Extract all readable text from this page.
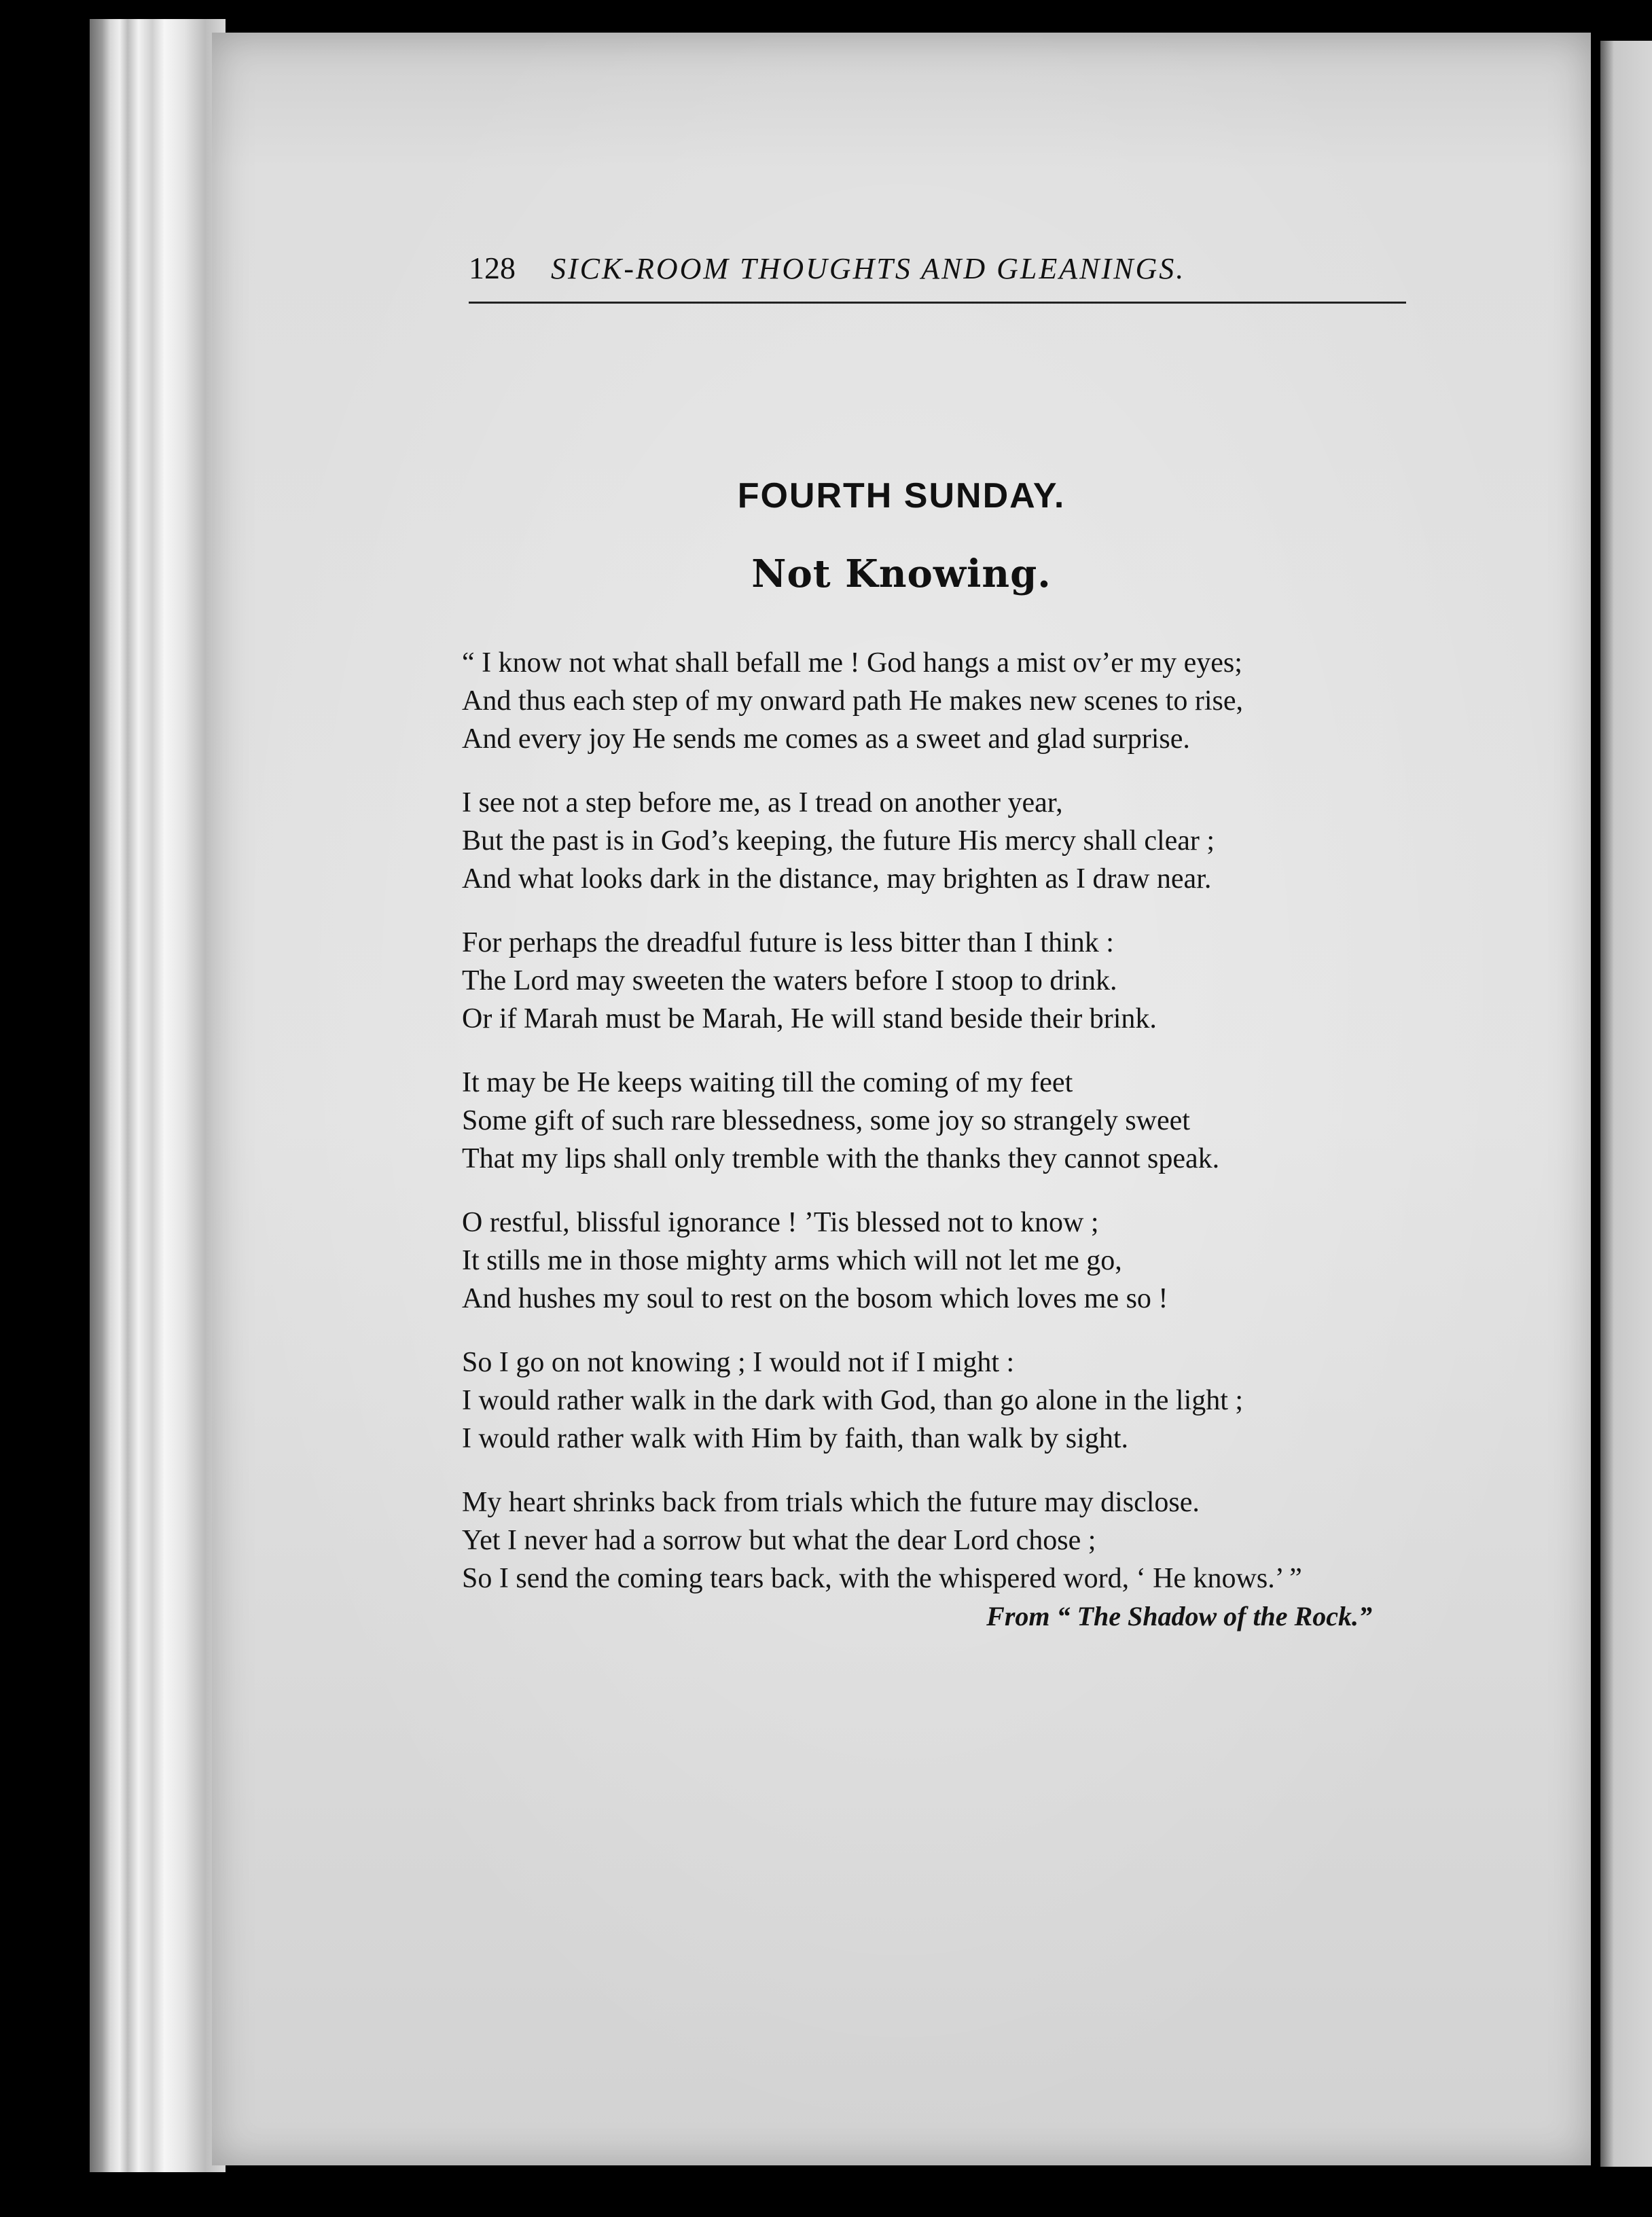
128 SICK-ROOM THOUGHTS AND GLEANINGS.
FOURTH SUNDAY.
Not Knowing.
“ I know not what shall befall me ! God hangs a mist ov’er my eyes;
And thus each step of my onward path He makes new scenes to rise,
And every joy He sends me comes as a sweet and glad surprise.
I see not a step before me, as I tread on another year,
But the past is in God’s keeping, the future His mercy shall clear ;
And what looks dark in the distance, may brighten as I draw near.
For perhaps the dreadful future is less bitter than I think :
The Lord may sweeten the waters before I stoop to drink.
Or if Marah must be Marah, He will stand beside their brink.
It may be He keeps waiting till the coming of my feet
Some gift of such rare blessedness, some joy so strangely sweet
That my lips shall only tremble with the thanks they cannot speak.
O restful, blissful ignorance ! ’Tis blessed not to know ;
It stills me in those mighty arms which will not let me go,
And hushes my soul to rest on the bosom which loves me so !
So I go on not knowing ; I would not if I might :
I would rather walk in the dark with God, than go alone in the light ;
I would rather walk with Him by faith, than walk by sight.
My heart shrinks back from trials which the future may disclose.
Yet I never had a sorrow but what the dear Lord chose ;
So I send the coming tears back, with the whispered word, ‘ He knows.’ ”
From “ The Shadow of the Rock.”
